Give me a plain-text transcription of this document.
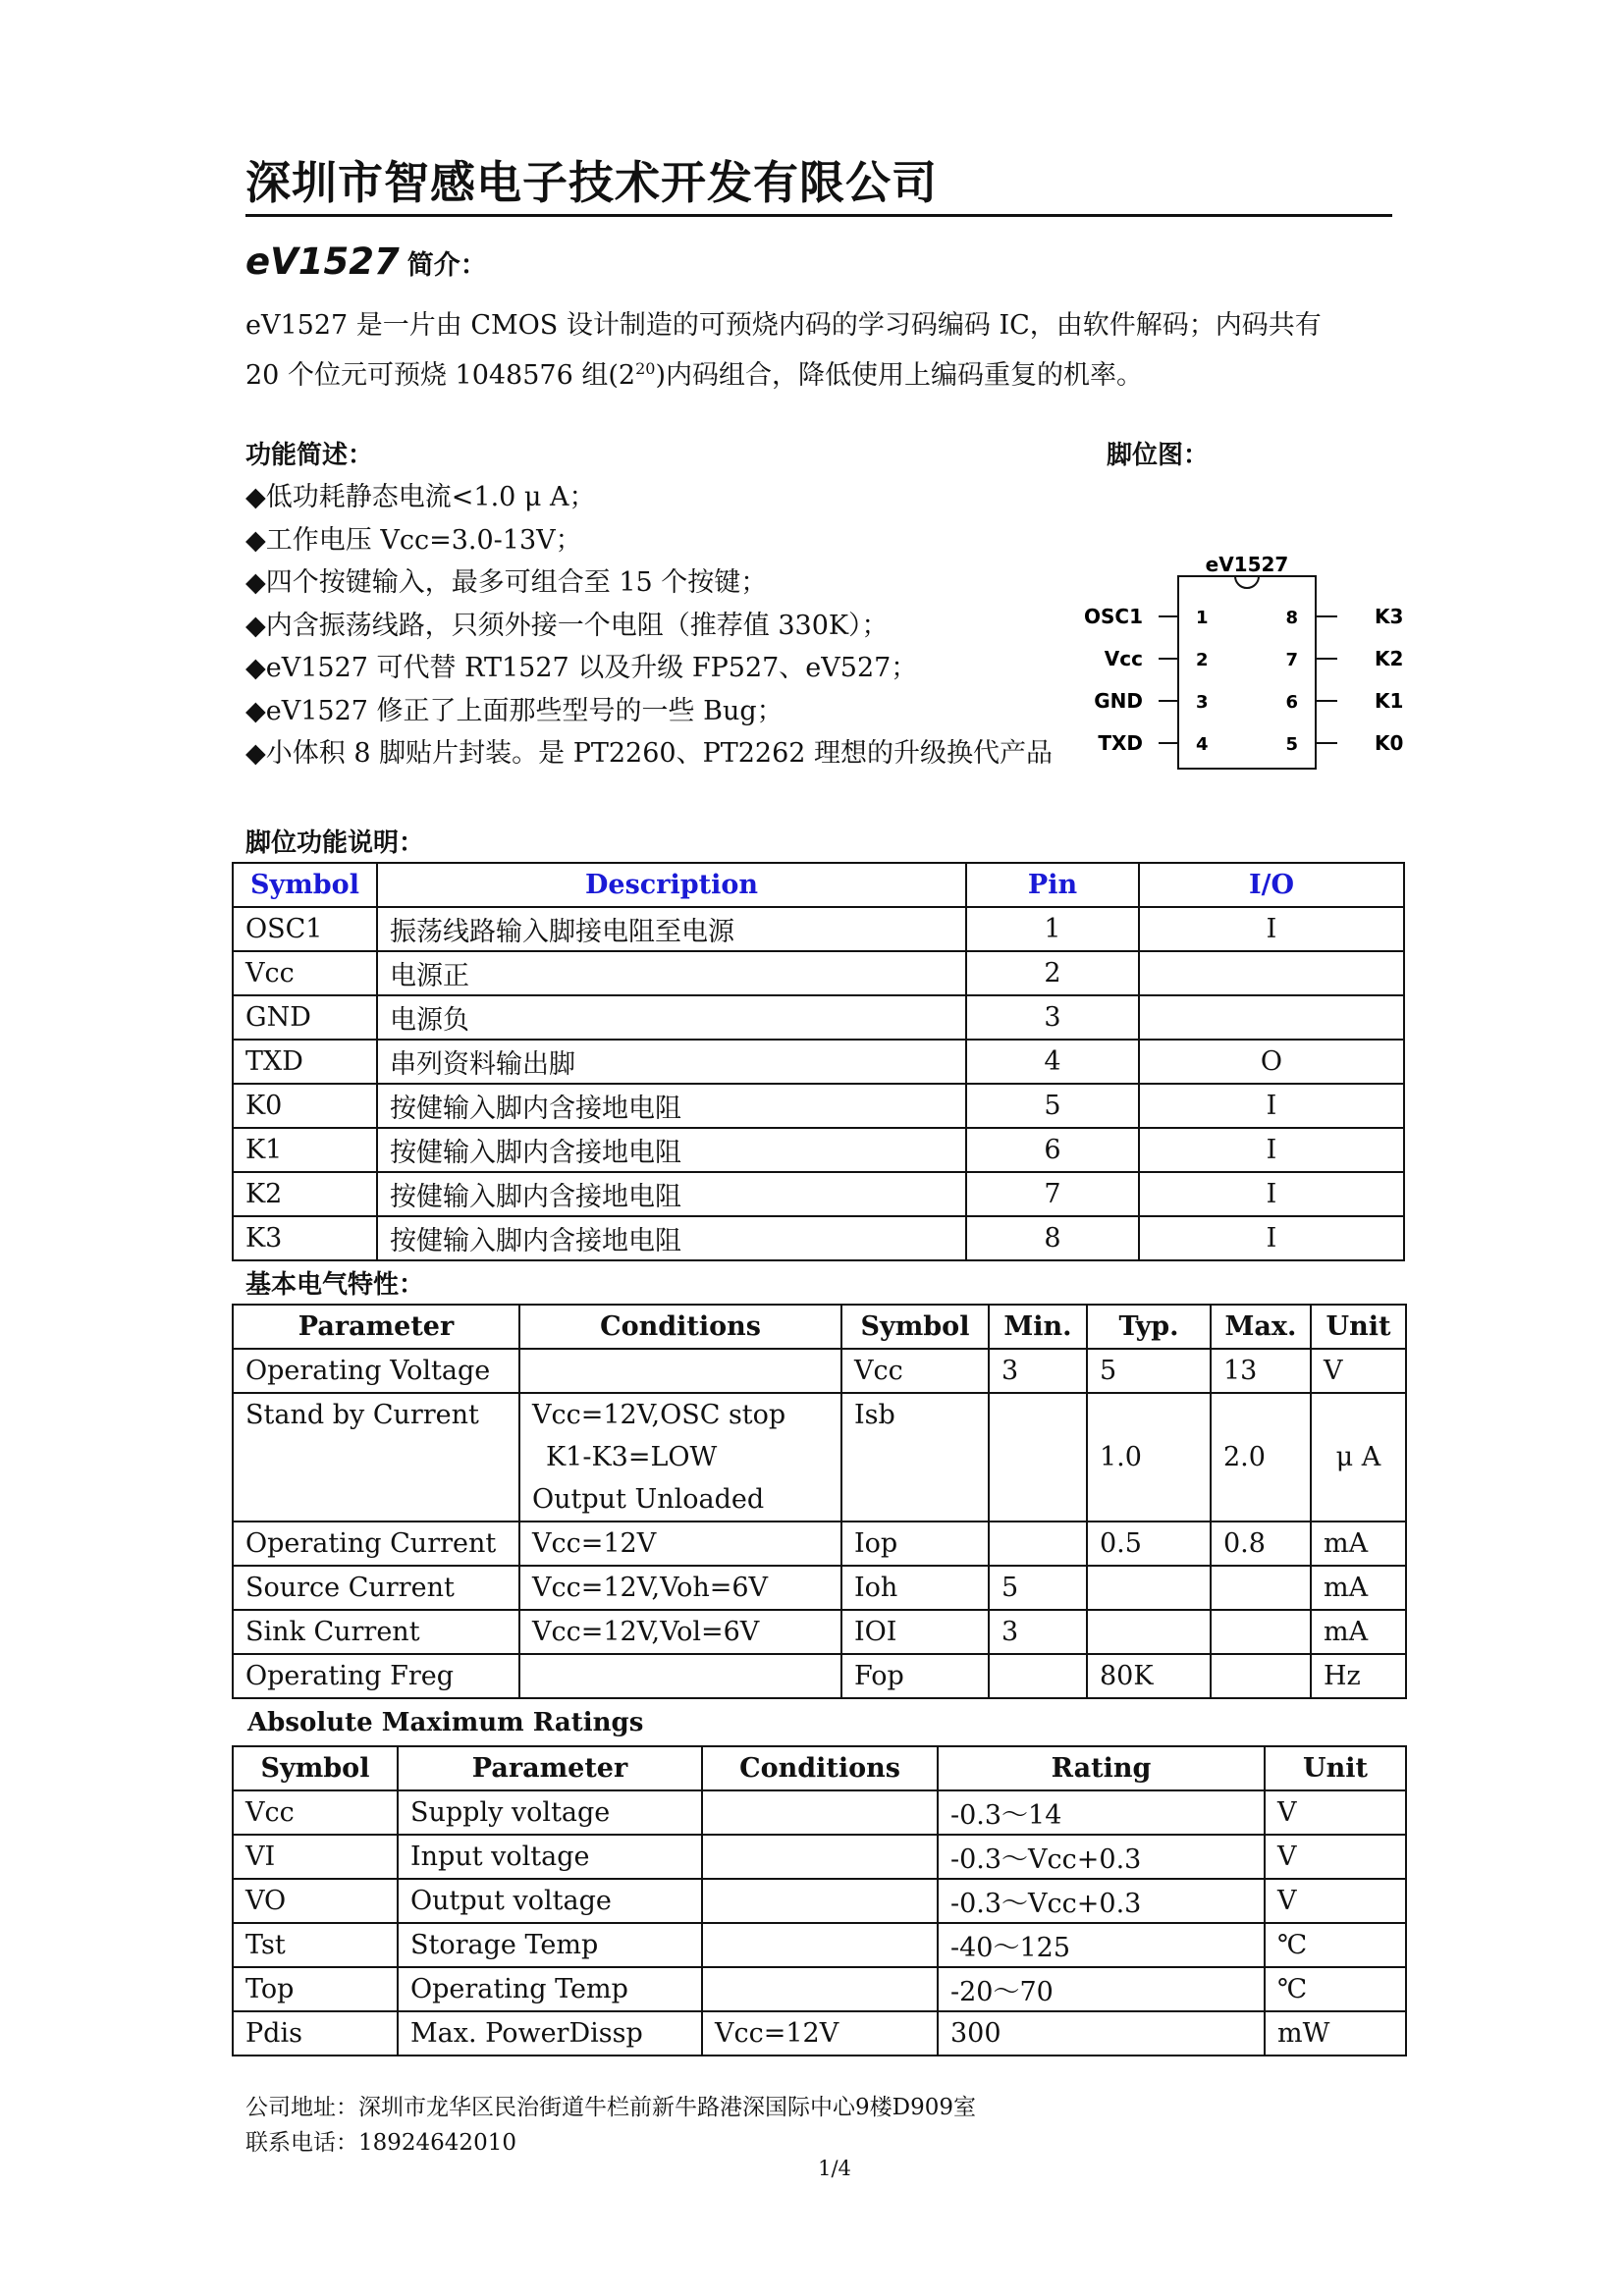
深圳市智感电子技术开发有限公司
eV1527 简介：

eV1527 是一片由 CMOS 设计制造的可预烧内码的学习码编码 IC，由软件解码；内码共有

20 个位元可预烧 1048576 组$(2^{20})$内码组合，降低使用上编码重复的机率。

功能简述：	脚位图：
◆低功耗静态电流<1.0 μ A；
◆工作电压 Vcc=3.0-13V；
◆四个按键输入，最多可组合至 15 个按键；
◆内含振荡线路，只须外接一个电阻（推荐值 330K）；
◆eV1527 可代替 RT1527 以及升级 FP527、eV527；
◆eV1527 修正了上面那些型号的一些 Bug；
◆小体积 8 脚贴片封装。是 PT2260、PT2262 理想的升级换代产品
eV1527
OSC1
Vcc
GND
TXD
1
2
3
4
8
7
6
5
K3
K2
K1
K0
脚位功能说明：
Symbol	Description	Pin	I/O
OSC1	振荡线路输入脚接电阻至电源	1	I
Vcc	电源正	2	
GND	电源负	3	
TXD	串列资料输出脚	4	O
K0	按健输入脚内含接地电阻	5	I
K1	按健输入脚内含接地电阻	6	I
K2	按健输入脚内含接地电阻	7	I
K3	按健输入脚内含接地电阻	8	I
基本电气特性：
Parameter	Conditions	Symbol	Min.	Typ.	Max.	Unit
Operating Voltage		Vcc	3	5	13	V

Stand by Current	Vcc=12V,OSC stop
K1-K3=LOW
Output Unloaded	Isb		1.0	2.0	μ A
Operating Current	Vcc=12V	Iop		0.5	0.8	mA
Source Current	Vcc=12V,Voh=6V	Ioh	5			mA
Sink Current	Vcc=12V,Vol=6V	IOI	3			mA
Operating Freg		Fop		80K		Hz
Absolute Maximum Ratings
Symbol	Parameter	Conditions	Rating	Unit
Vcc	Supply voltage		-0.3～14	V
VI	Input voltage		-0.3～Vcc+0.3	V
VO	Output voltage		-0.3～Vcc+0.3	V
Tst	Storage Temp		-40～125	℃
Top	Operating Temp		-20～70	℃
Pdis	Max. PowerDissp	Vcc=12V	300	mW
公司地址：深圳市龙华区民治街道牛栏前新牛路港深国际中心9楼D909室
联系电话：18924642010
1/4
